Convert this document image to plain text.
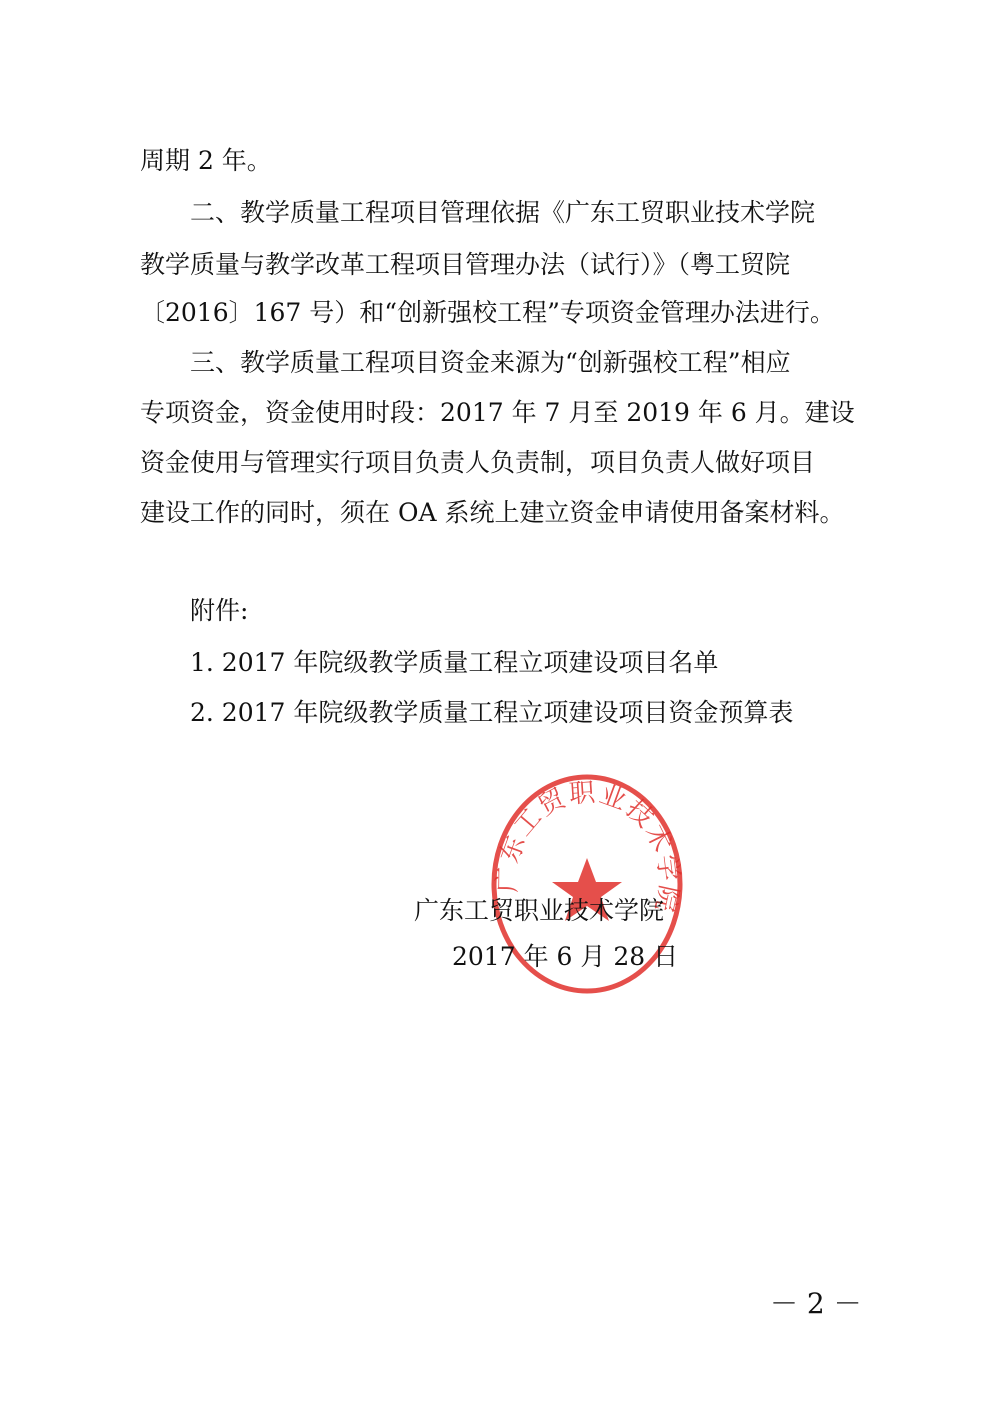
周期 2 年。

二、教学质量工程项目管理依据《广东工贸职业技术学院

教学质量与教学改革工程项目管理办法（试行）》（粤工贸院

〔2016〕167 号）和“创新强校工程”专项资金管理办法进行。

三、教学质量工程项目资金来源为“创新强校工程”相应

专项资金，资金使用时段：2017 年 7 月至 2019 年 6 月。建设

资金使用与管理实行项目负责人负责制，项目负责人做好项目

建设工作的同时，须在 OA 系统上建立资金申请使用备案材料。

附件:

1. 2017 年院级教学质量工程立项建设项目名单

2. 2017 年院级教学质量工程立项建设项目资金预算表

广东工贸职业技术学院

广东工贸职业技术学院

2017 年 6 月 28 日

－ 2 －
